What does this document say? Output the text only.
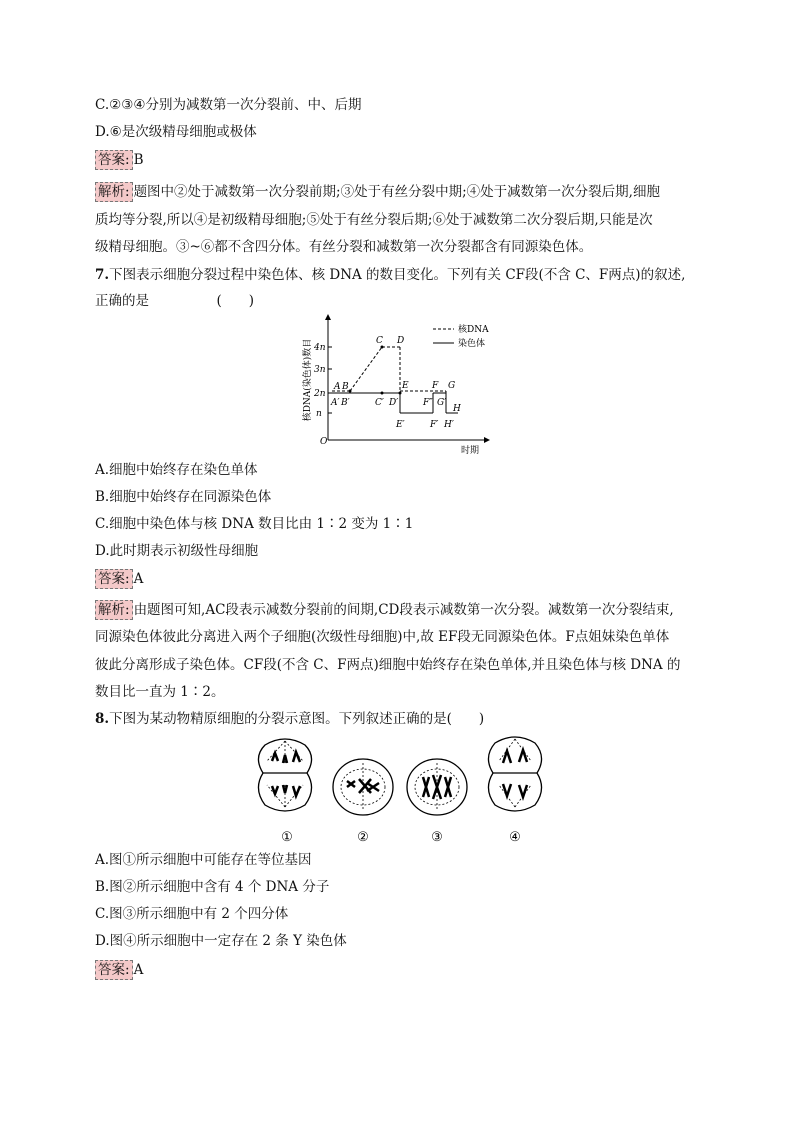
C.②③④分别为减数第一次分裂前、中、后期
D.⑥是次级精母细胞或极体
答案: B
解析: 题图中②处于减数第一次分裂前期;③处于有丝分裂中期;④处于减数第一次分裂后期,细胞
质均等分裂,所以④是初级精母细胞;⑤处于有丝分裂后期;⑥处于减数第二次分裂后期,只能是次
级精母细胞。③~⑥都不含四分体。有丝分裂和减数第一次分裂都含有同源染色体。
7.下图表示细胞分裂过程中染色体、核 DNA 的数目变化。下列有关 CF段(不含 C、F两点)的叙述,
正确的是　　　　　(　　)
核DNA(染色体)数目
时期
O
n
2n
3n
4n
核DNA
染色体
A B
C D
E	F G
H
A′ B′	C′ D′
E′	F′
F″ G′
H′
A.细胞中始终存在染色单体
B.细胞中始终存在同源染色体
C.细胞中染色体与核 DNA 数目比由 1∶2 变为 1∶1
D.此时期表示初级性母细胞
答案: A
解析: 由题图可知,AC段表示减数分裂前的间期,CD段表示减数第一次分裂。减数第一次分裂结束,
同源染色体彼此分离进入两个子细胞(次级性母细胞)中,故 EF段无同源染色体。F点姐妹染色单体
彼此分离形成子染色体。CF段(不含 C、F两点)细胞中始终存在染色单体,并且染色体与核 DNA 的
数目比一直为 1∶2。
8.下图为某动物精原细胞的分裂示意图。下列叙述正确的是(　　)
①	②	③	④
A.图①所示细胞中可能存在等位基因
B.图②所示细胞中含有 4 个 DNA 分子
C.图③所示细胞中有 2 个四分体
D.图④所示细胞中一定存在 2 条 Y 染色体
答案: A
